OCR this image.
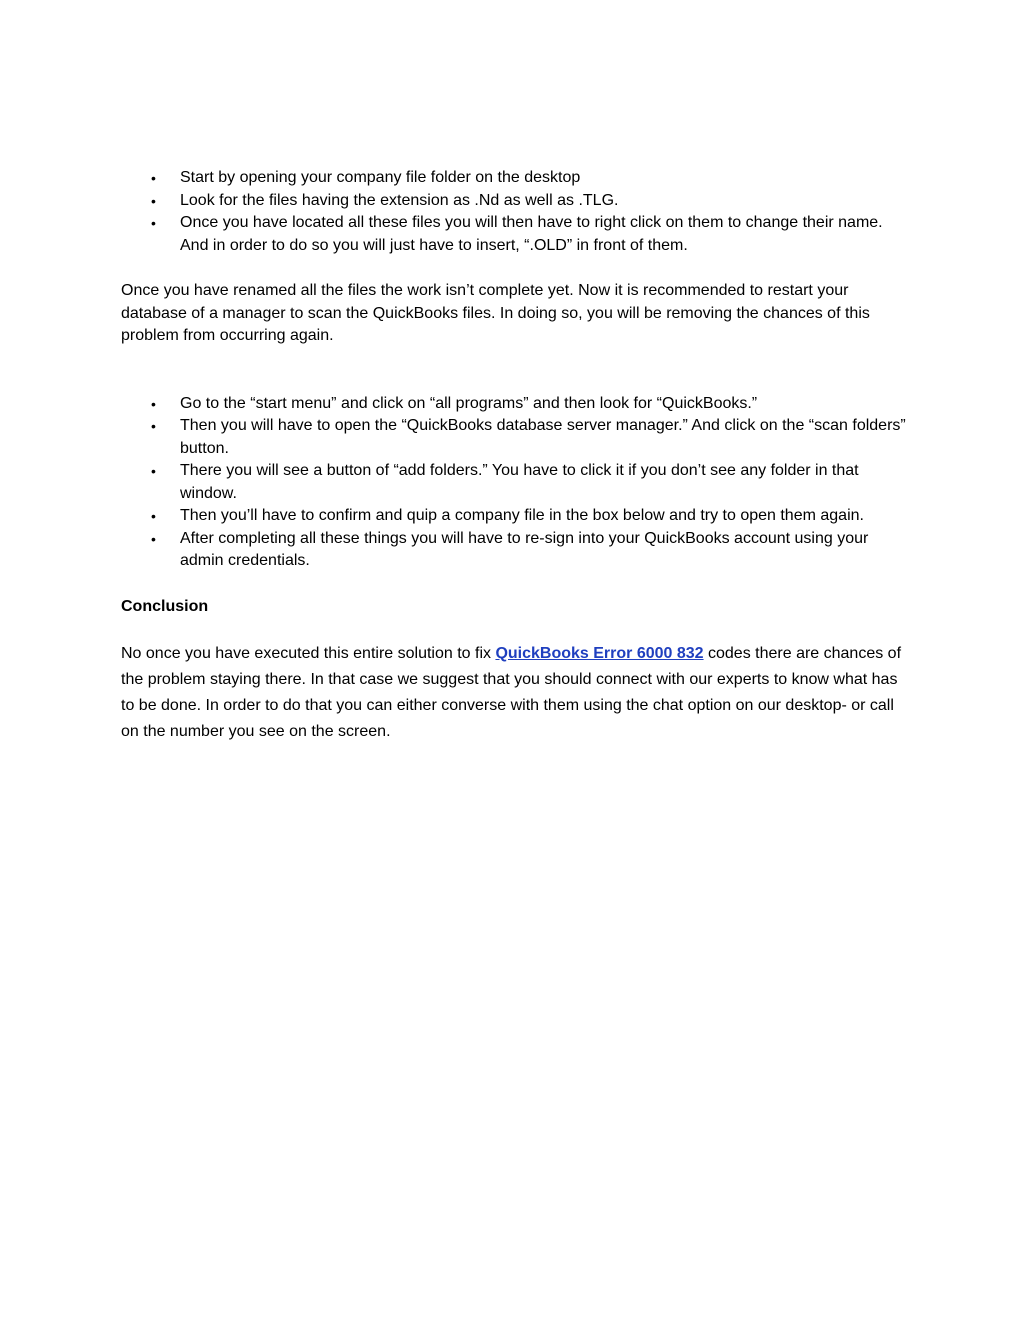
• Start by opening your company file folder on the desktop
• Look for the files having the extension as .Nd as well as .TLG.
• Once you have located all these files you will then have to right click on them to change their name. And in order to do so you will just have to insert, “.OLD” in front of them.

Once you have renamed all the files the work isn’t complete yet. Now it is recommended to restart your database of a manager to scan the QuickBooks files. In doing so, you will be removing the chances of this problem from occurring again.

• Go to the “start menu” and click on “all programs” and then look for “QuickBooks.”
• Then you will have to open the “QuickBooks database server manager.” And click on the “scan folders” button.
• There you will see a button of “add folders.” You have to click it if you don’t see any folder in that window.
• Then you’ll have to confirm and quip a company file in the box below and try to open them again.
• After completing all these things you will have to re-sign into your QuickBooks account using your admin credentials.
Conclusion

No once you have executed this entire solution to fix QuickBooks Error 6000 832 codes there are chances of the problem staying there. In that case we suggest that you should connect with our experts to know what has to be done. In order to do that you can either converse with them using the chat option on our desktop- or call on the number you see on the screen.
